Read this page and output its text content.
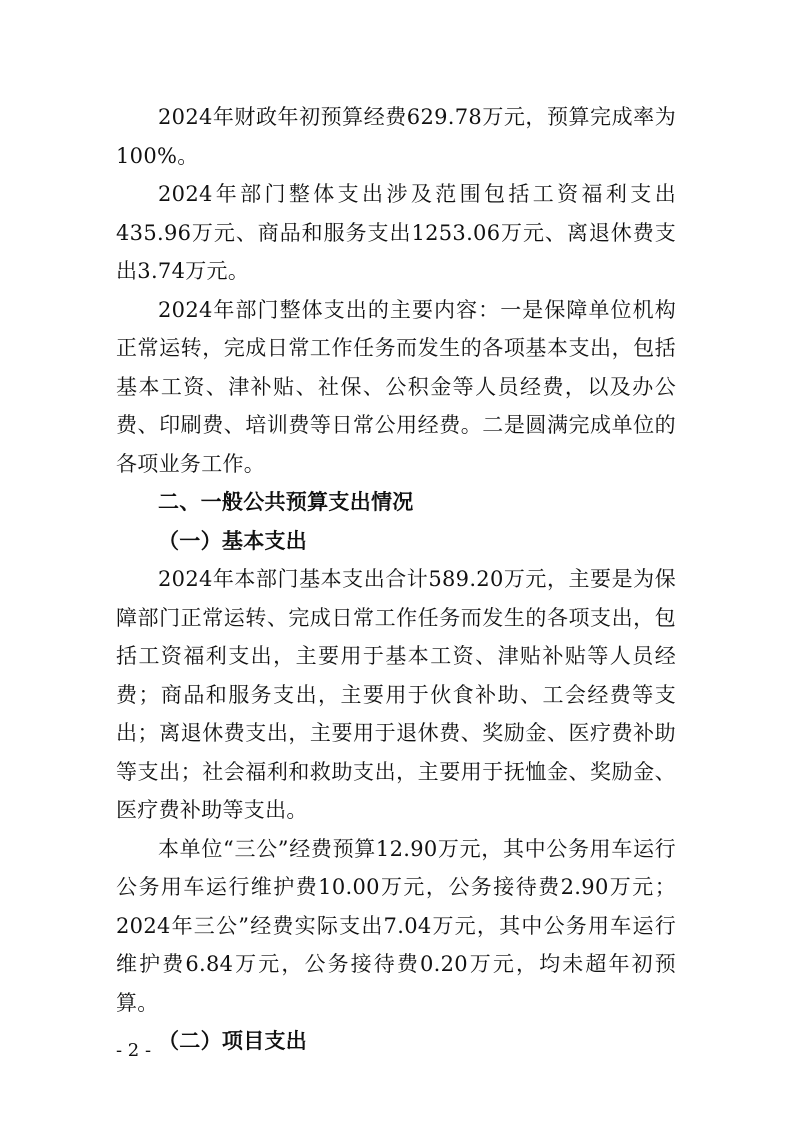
2024年财政年初预算经费629.78万元，预算完成率为100%。

2024年部门整体支出涉及范围包括工资福利支出435.96万元、商品和服务支出1253.06万元、离退休费支出3.74万元。

2024年部门整体支出的主要内容：一是保障单位机构正常运转，完成日常工作任务而发生的各项基本支出，包括基本工资、津补贴、社保、公积金等人员经费，以及办公费、印刷费、培训费等日常公用经费。二是圆满完成单位的各项业务工作。

二、一般公共预算支出情况

（一）基本支出

2024年本部门基本支出合计589.20万元，主要是为保障部门正常运转、完成日常工作任务而发生的各项支出，包括工资福利支出，主要用于基本工资、津贴补贴等人员经费；商品和服务支出，主要用于伙食补助、工会经费等支出；离退休费支出，主要用于退休费、奖励金、医疗费补助等支出；社会福利和救助支出，主要用于抚恤金、奖励金、医疗费补助等支出。

本单位“三公”经费预算12.90万元，其中公务用车运行公务用车运行维护费10.00万元，公务接待费2.90万元；2024年三公”经费实际支出7.04万元，其中公务用车运行维护费6.84万元，公务接待费0.20万元，均未超年初预算。

（二）项目支出

- 2 -
